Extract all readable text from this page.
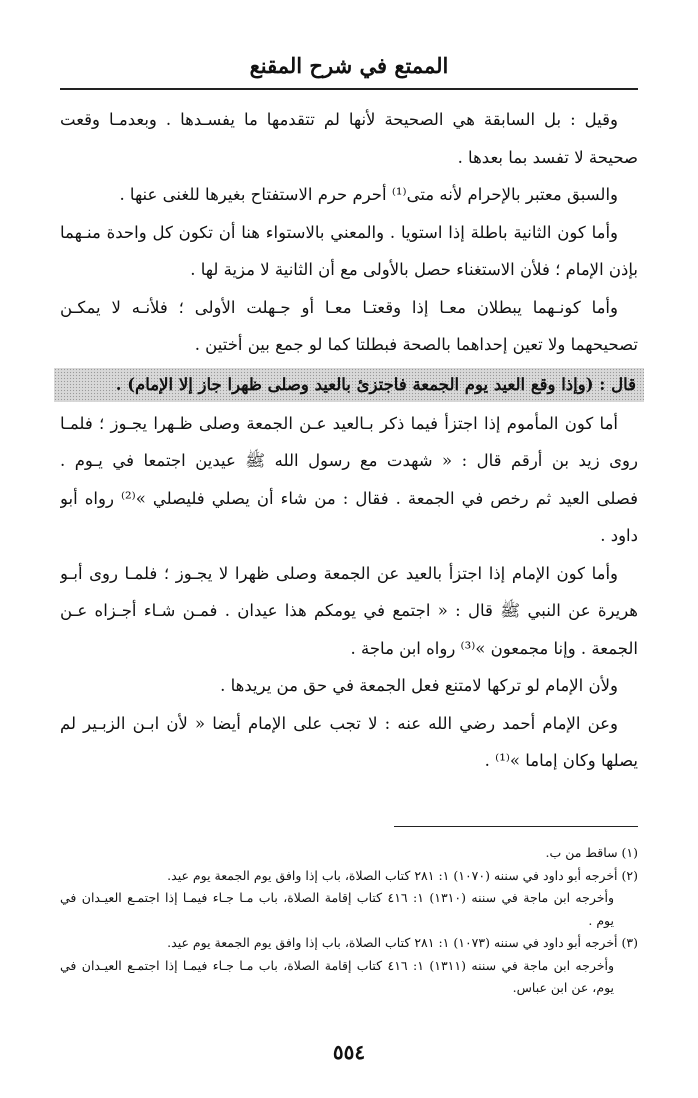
الممتع في شرح المقنع
وقيل : بل السابقة هي الصحيحة لأنها لم تتقدمها ما يفسـدها . وبعدمـا وقعت
صحيحة لا تفسد بما بعدها .
والسبق معتبر بالإحرام لأنه متى⁽¹⁾ أحرم حرم الاستفتاح بغيرها للغنى عنها .
وأما كون الثانية باطلة إذا استويا . والمعني بالاستواء هنا أن تكون كل واحدة منـهما
بإذن الإمام ؛ فلأن الاستغناء حصل بالأولى مع أن الثانية لا مزية لها .
وأما كونـهما يبطلان معـا إذا وقعتـا معـا أو جـهلت الأولى ؛ فلأنـه لا يمكـن
تصحيحهما ولا تعين إحداهما بالصحة فبطلتا كما لو جمع بين أختين .
قال : (وإذا وقع العيد يوم الجمعة فاجتزئ بالعيد وصلى ظهرا جاز إلا الإمام) .
أما كون المأموم إذا اجتزأ فيما ذكر بـالعيد عـن الجمعة وصلى ظـهرا يجـوز ؛ فلمـا
روى زيد بن أرقم قال : « شهدت مع رسول الله ﷺ عيدين اجتمعا في يـوم .
فصلى العيد ثم رخص في الجمعة . فقال : من شاء أن يصلي فليصلي »⁽²⁾ رواه أبو
داود .
وأما كون الإمام إذا اجتزأ بالعيد عن الجمعة وصلى ظهرا لا يجـوز ؛ فلمـا روى أبـو
هريرة عن النبي ﷺ قال : « اجتمع في يومكم هذا عيدان . فمـن شـاء أجـزاه عـن
الجمعة . وإنا مجمعون »⁽³⁾ رواه ابن ماجة .
ولأن الإمام لو تركها لامتنع فعل الجمعة في حق من يريدها .
وعن الإمام أحمد رضي الله عنه : لا تجب على الإمام أيضا « لأن ابـن الزبـير لم
يصلها وكان إماما »⁽¹⁾ .
(١) ساقط من ب.
(٢) أخرجه أبو داود في سننه (١٠٧٠) ١: ٢٨١ كتاب الصلاة، باب إذا وافق يوم الجمعة يوم عيد.
وأخرجه ابن ماجة في سننه (١٣١٠) ١: ٤١٦ كتاب إقامة الصلاة، باب مـا جـاء فيمـا إذا اجتمـع العيـدان في
يوم .
(٣) أخرجه أبو داود في سننه (١٠٧٣) ١: ٢٨١ كتاب الصلاة، باب إذا وافق يوم الجمعة يوم عيد.
وأخرجه ابن ماجة في سننه (١٣١١) ١: ٤١٦ كتاب إقامة الصلاة، باب مـا جـاء فيمـا إذا اجتمـع العيـدان في
يوم، عن ابن عباس.
٥٥٤
